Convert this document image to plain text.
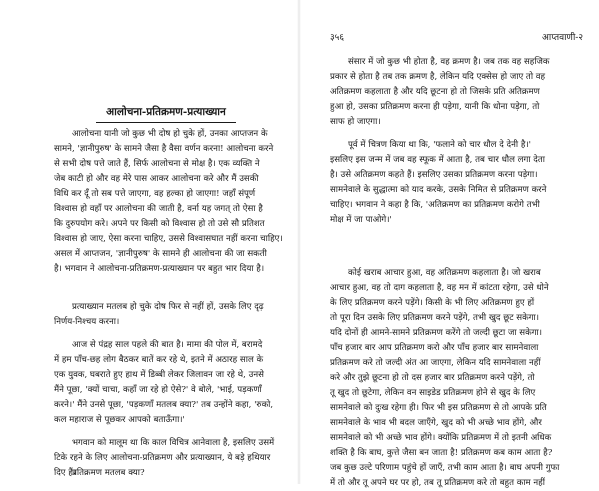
आलोचना-प्रतिक्रमण-प्रत्याख्यान
आलोचना यानी जो कुछ भी दोष हो चुके हों, उनका आप्तजन के
सामने, 'ज्ञानीपुरुष' के सामने जैसा है वैसा वर्णन करना! आलोचना करने
से सभी दोष पत्ते जाते हैं, सिर्फ आलोचना से मोक्ष है। एक व्यक्ति ने
जेब काटी हो और वह मेरे पास आकर आलोचना करे और मैं उसकी
विधि कर दूँ तो सब पत्ते जाएगा, वह हल्का हो जाएगा! जहाँ संपूर्ण
विश्वास हो वहाँ पर आलोचना की जाती है, वर्ना यह जगत् तो ऐसा है
कि दुरुपयोग करे। अपने पर किसी को विश्वास हो तो उसे सौ प्रतिशत
विश्वास हो जाए, ऐसा करना चाहिए, उससे विश्वासघात नहीं करना चाहिए।
असल में आप्तजन, 'ज्ञानीपुरुष' के सामने ही आलोचना की जा सकती
है। भगवान ने आलोचना-प्रतिक्रमण-प्रत्याख्यान पर बहुत भार दिया है।
प्रत्याख्यान मतलब हो चुके दोष फिर से नहीं हों, उसके लिए दृढ़
निर्णय-निश्चय करना।
आज से पंद्रह साल पहले की बात है। मामा की पोल में, बरामदे
में हम पाँच-छह लोग बैठकर बातें कर रहे थे, इतने में अठारह साल के
एक युवक, घबराते हुए हाथ में डिब्बी लेकर जिलावन जा रहे थे, उनसे
मैंने पूछा, 'क्यों चाचा, कहाँ जा रहे हो ऐसे?' वे बोले, 'भाई, पड़कणाँ
करने।' मैंने उनसे पूछा, 'पड़कणाँ मतलब क्या?' तब उन्होंने कहा, 'रुको,
कल महाराज से पूछकर आपको बताऊँगा।'
भगवान को मालूम था कि काल विचित्र आनेवाला है, इसलिए उसमें
टिके रहने के लिए आलोचना-प्रतिक्रमण और प्रत्याख्यान, ये बड़े हथियार
दिए हैं।
३५६	आप्तवाणी-२
संसार में जो कुछ भी होता है, वह क्रमण है। जब तक वह सहजिक
प्रकार से होता है तब तक क्रमण है, लेकिन यदि एक्सेस हो जाए तो वह
अतिक्रमण कहलाता है और यदि छूटना हो तो जिसके प्रति अतिक्रमण
हुआ हो, उसका प्रतिक्रमण करना ही पड़ेगा, यानी कि धोना पड़ेगा, तो
साफ हो जाएगा।
पूर्व में चित्रण किया था कि, 'फलाने को चार धौल दे देनी है।'
इसलिए इस जन्म में जब वह स्फूक में आता है, तब चार धौल लगा देता
है। उसे अतिक्रमण कहते हैं। इसलिए उसका प्रतिक्रमण करना पड़ेगा।
सामनेवाले के सुद्धात्मा को याद करके, उसके निमित से प्रतिक्रमण करने
चाहिए। भगवान ने कहा है कि, 'अतिक्रमण का प्रतिक्रमण करोगे तभी
मोक्ष में जा पाओगे।'
कोई खराब आचार हुआ, वह अतिक्रमण कहलाता है। जो खराब
आचार हुआ, वह तो दाग कहलाता है, वह मन में कांटता रहेगा, उसे धोने
के लिए प्रतिक्रमण करने पड़ेंगे। किसी के भी लिए अतिक्रमण हुए हों
तो पूरा दिन उसके लिए प्रतिक्रमण करने पड़ेंगे, तभी खुद छूट सकेगा।
यदि दोनों ही आमने-सामने प्रतिक्रमण करेंगे तो जल्दी छूटा जा सकेगा।
पाँच हजार बार आप प्रतिक्रमण करो और पाँच हजार बार सामनेवाला
प्रतिक्रमण करे तो जल्दी अंत आ जाएगा, लेकिन यदि सामनेवाला नहीं
करे और तुझे छूटना हो तो दस हजार बार प्रतिक्रमण करने पड़ेंगे, तो
तू खुद तो छूटेगा, लेकिन वन साइडेड प्रतिक्रमण होने से खुद के लिए
सामनेवाले को दुःख रहेगा ही। फिर भी इस प्रतिक्रमण से तो आपके प्रति
सामनेवाले के भाव भी बदल जाएँगे, खुद को भी अच्छे भाव होंगे, और
सामनेवाले को भी अच्छे भाव होंगे। क्योंकि प्रतिक्रमण में तो इतनी अधिक
शक्ति है कि बाघ, कुत्ते जैसा बन जाता है! प्रतिक्रमण कब काम आता है?
जब कुछ उल्टे परिणाम पहुंचे हों जाएँ, तभी काम आता है। बाघ अपनी गुफा
में तो और तू अपने घर पर हो, तब तू प्रतिक्रमण करे तो बहुत काम नहीं
प्रतिक्रमण मतलब क्या?
